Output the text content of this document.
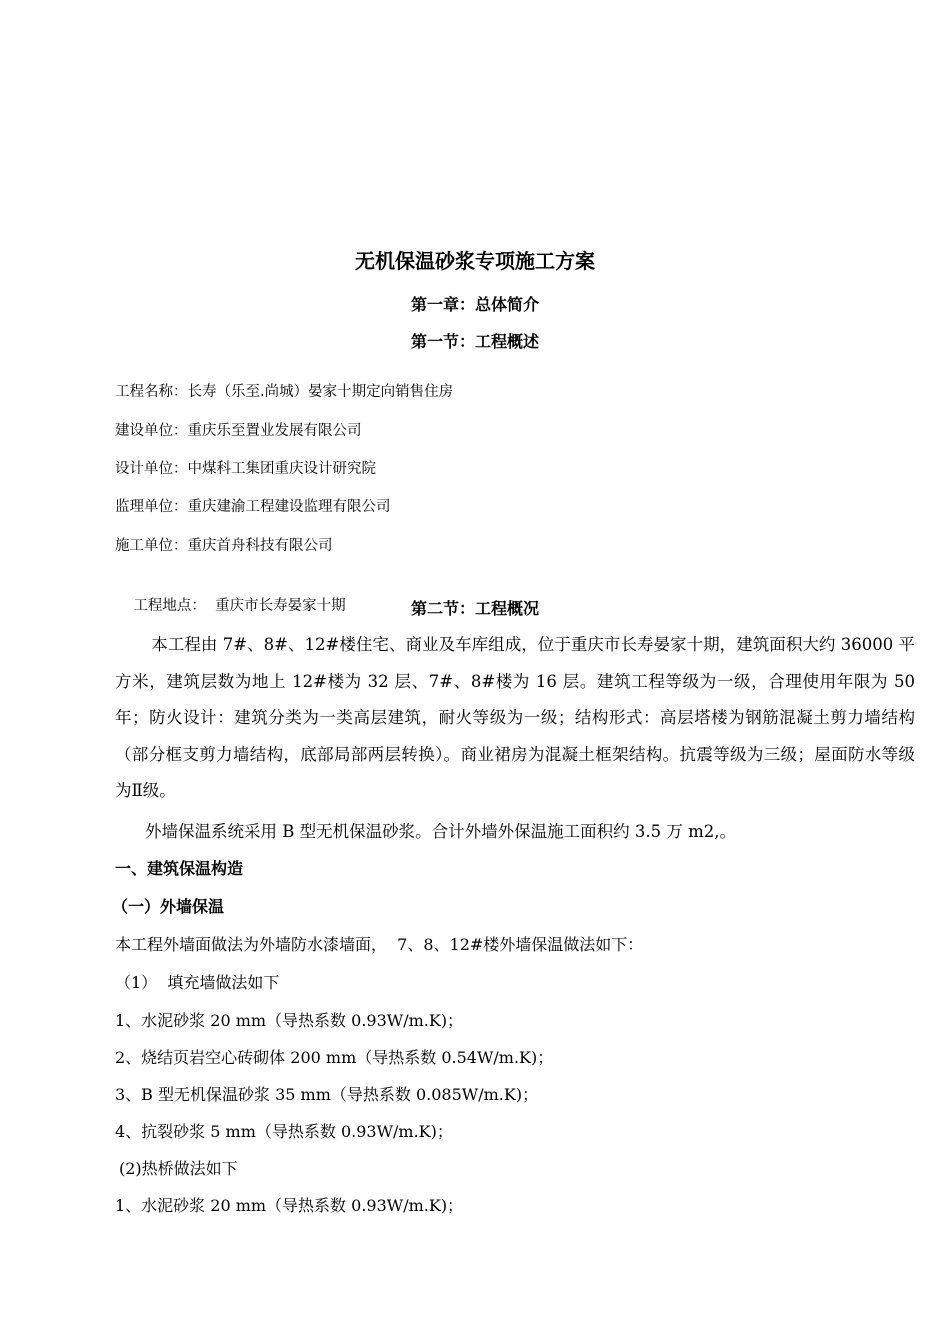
无机保温砂浆专项施工方案
第一章：总体简介
第一节：工程概述
工程名称：长寿（乐至.尚城）晏家十期定向销售住房
建设单位：重庆乐至置业发展有限公司
设计单位：中煤科工集团重庆设计研究院
监理单位：重庆建渝工程建设监理有限公司
施工单位：重庆首舟科技有限公司

工程地点：  重庆市长寿晏家十期
	第二节：工程概况
本工程由 7#、8#、12#楼住宅、商业及车库组成，位于重庆市长寿晏家十期，建筑面积大约 36000 平方米，建筑层数为地上 12#楼为 32 层、7#、8#楼为 16 层。建筑工程等级为一级，合理使用年限为 50 年；防火设计：建筑分类为一类高层建筑，耐火等级为一级；结构形式：高层塔楼为钢筋混凝土剪力墙结构（部分框支剪力墙结构，底部局部两层转换）。商业裙房为混凝土框架结构。抗震等级为三级；屋面防水等级为Ⅱ级。
外墙保温系统采用 B 型无机保温砂浆。合计外墙外保温施工面积约 3.5 万 m2,。
一、建筑保温构造
（一）外墙保温
本工程外墙面做法为外墙防水漆墙面，  7、8、12#楼外墙保温做法如下：
（1）  填充墙做法如下
1、水泥砂浆 20 mm（导热系数 0.93W/m.K)；
2、烧结页岩空心砖砌体 200 mm（导热系数 0.54W/m.K)；
3、B 型无机保温砂浆 35 mm（导热系数 0.085W/m.K)；
4、抗裂砂浆 5 mm（导热系数 0.93W/m.K)；
(2)热桥做法如下
1、水泥砂浆 20 mm（导热系数 0.93W/m.K)；
